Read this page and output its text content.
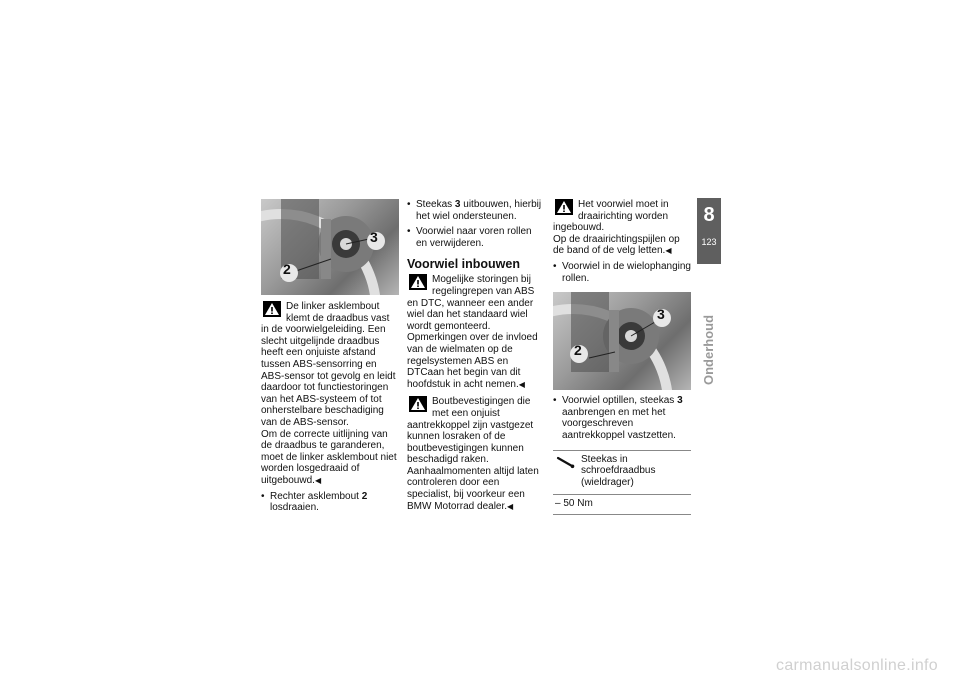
3
2
De linker asklembout klemt de draadbus vast in de voorwielgeleiding. Een slecht uitgelijnde draadbus heeft een onjuiste afstand tussen ABS-sensorring en ABS-sensor tot gevolg en leidt daardoor tot functiestoringen van het ABS-systeem of tot onherstelbare beschadiging van de ABS-sensor.

Om de correcte uitlijning van de draadbus te garanderen, moet de linker asklembout niet worden losgedraaid of uitgebouwd.◀

• Rechter asklembout 2 losdraaien.
• Steekas 3 uitbouwen, hierbij het wiel ondersteunen.
• Voorwiel naar voren rollen en verwijderen.
Voorwiel inbouwen
Mogelijke storingen bij regelingrepen van ABS en DTC, wanneer een ander wiel dan het standaard wiel wordt gemonteerd.

Opmerkingen over de invloed van de wielmaten op de regelsystemen ABS en DTCaan het begin van dit hoofdstuk in acht nemen.◀

Boutbevestigingen die met een onjuist aantrekkoppel zijn vastgezet kunnen losraken of de boutbevestigingen kunnen beschadigd raken.

Aanhaalmomenten altijd laten controleren door een specialist, bij voorkeur een BMW Motorrad dealer.◀

Het voorwiel moet in draairichting worden ingebouwd.

Op de draairichtingspijlen op de band of de velg letten.◀

• Voorwiel in de wielophanging rollen.
3
2
• Voorwiel optillen, steekas 3 aanbrengen en met het voorgeschreven aantrekkoppel vastzetten.
Steekas in schroefdraadbus (wieldrager)
– 50 Nm
8
123
Onderhoud
carmanualsonline.info
